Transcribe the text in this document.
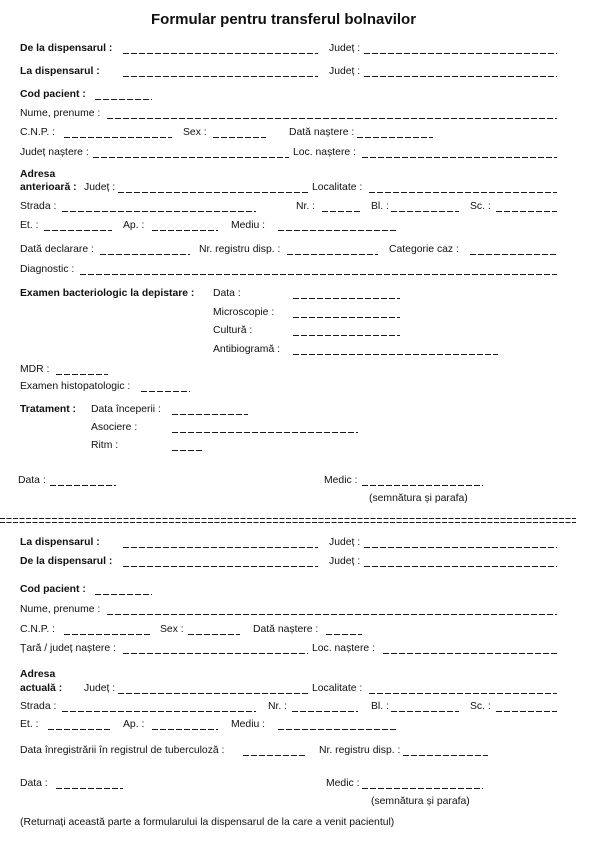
Formular pentru transferul bolnavilor
De la dispensarul :	Județ :
La dispensarul :	Județ :
Cod pacient :
Nume, prenume :
C.N.P. :	Sex :	Dată naștere :
Județ naștere :	Loc. naștere :
Adresa
anterioară : Județ :	Localitate :
Strada :	Nr. :	Bl. :	Sc. :
Et. :	Ap. :	Mediu :
Dată declarare :	Nr. registru disp. :	Categorie caz :
Diagnostic :
Examen bacteriologic la depistare : Data :
Microscopie :
Cultură :
Antibiogramă :
MDR :
Examen histopatologic :
Tratament : Data începerii :
Asociere :
Ritm :
Data :	Medic :
(semnătura și parafa)
La dispensarul :	Județ :
De la dispensarul :	Județ :
Cod pacient :
Nume, prenume :
C.N.P. :	Sex :	Dată naștere :
Țară / județ naștere :	Loc. naștere :
Adresa
actuală : Județ :	Localitate :
Strada :	Nr. :	Bl. :	Sc. :
Et. :	Ap. :	Mediu :
Data înregistrării în registrul de tuberculoză :	Nr. registru disp. :
Data :	Medic :
(semnătura și parafa)
(Returnați această parte a formularului la dispensarul de la care a venit pacientul)
